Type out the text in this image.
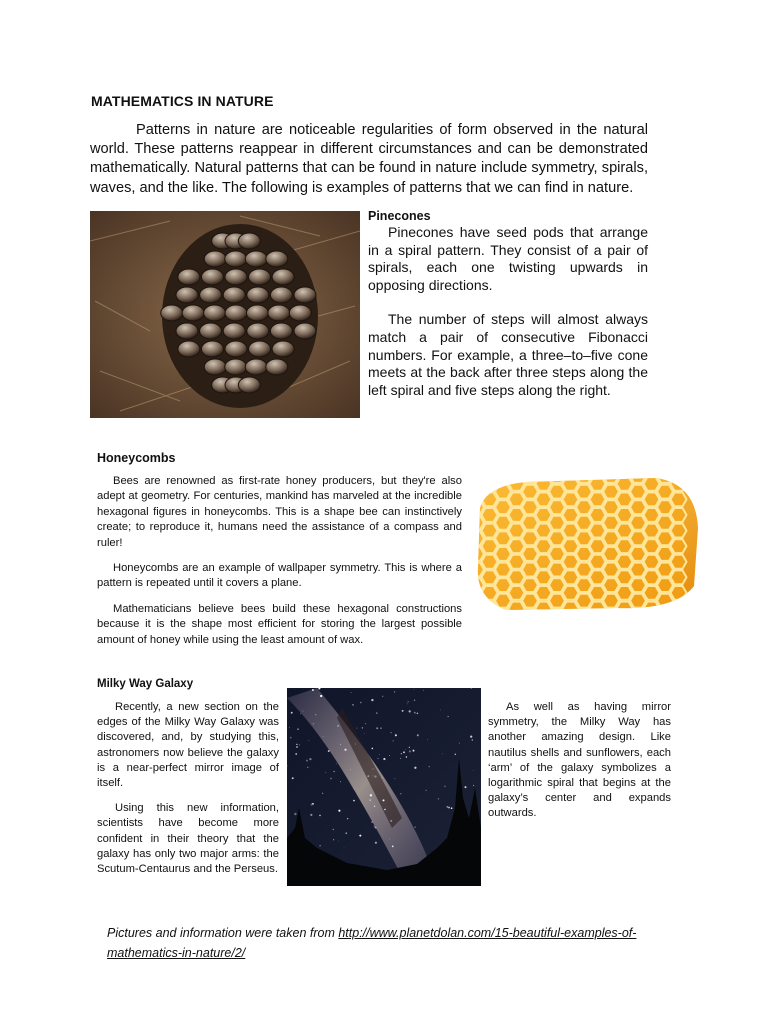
MATHEMATICS IN NATURE

Patterns in nature are noticeable regularities of form observed in the natural world. These patterns reappear in different circumstances and can be demonstrated mathematically. Natural patterns that can be found in nature include symmetry, spirals, waves, and the like. The following is examples of patterns that we can find in nature.

Pinecones

Pinecones have seed pods that arrange in a spiral pattern. They consist of a pair of spirals, each one twisting upwards in opposing directions.

The number of steps will almost always match a pair of consecutive Fibonacci numbers. For example, a three–to–five cone meets at the back after three steps along the left spiral and five steps along the right.

Honeycombs

Bees are renowned as first-rate honey producers, but they're also adept at geometry. For centuries, mankind has marveled at the incredible hexagonal figures in honeycombs. This is a shape bee can instinctively create; to reproduce it, humans need the assistance of a compass and ruler!

Honeycombs are an example of wallpaper symmetry. This is where a pattern is repeated until it covers a plane.

Mathematicians believe bees build these hexagonal constructions because it is the shape most efficient for storing the largest possible amount of honey while using the least amount of wax.

Milky Way Galaxy

Recently, a new section on the edges of the Milky Way Galaxy was discovered, and, by studying this, astronomers now believe the galaxy is a near-perfect mirror image of itself.

Using this new information, scientists have become more confident in their theory that the galaxy has only two major arms: the Scutum-Centaurus and the Perseus.

As well as having mirror symmetry, the Milky Way has another amazing design. Like nautilus shells and sunflowers, each ‘arm’ of the galaxy symbolizes a logarithmic spiral that begins at the galaxy’s center and expands outwards.

Pictures and information were taken from http://www.planetdolan.com/15-beautiful-examples-of-mathematics-in-nature/2/
